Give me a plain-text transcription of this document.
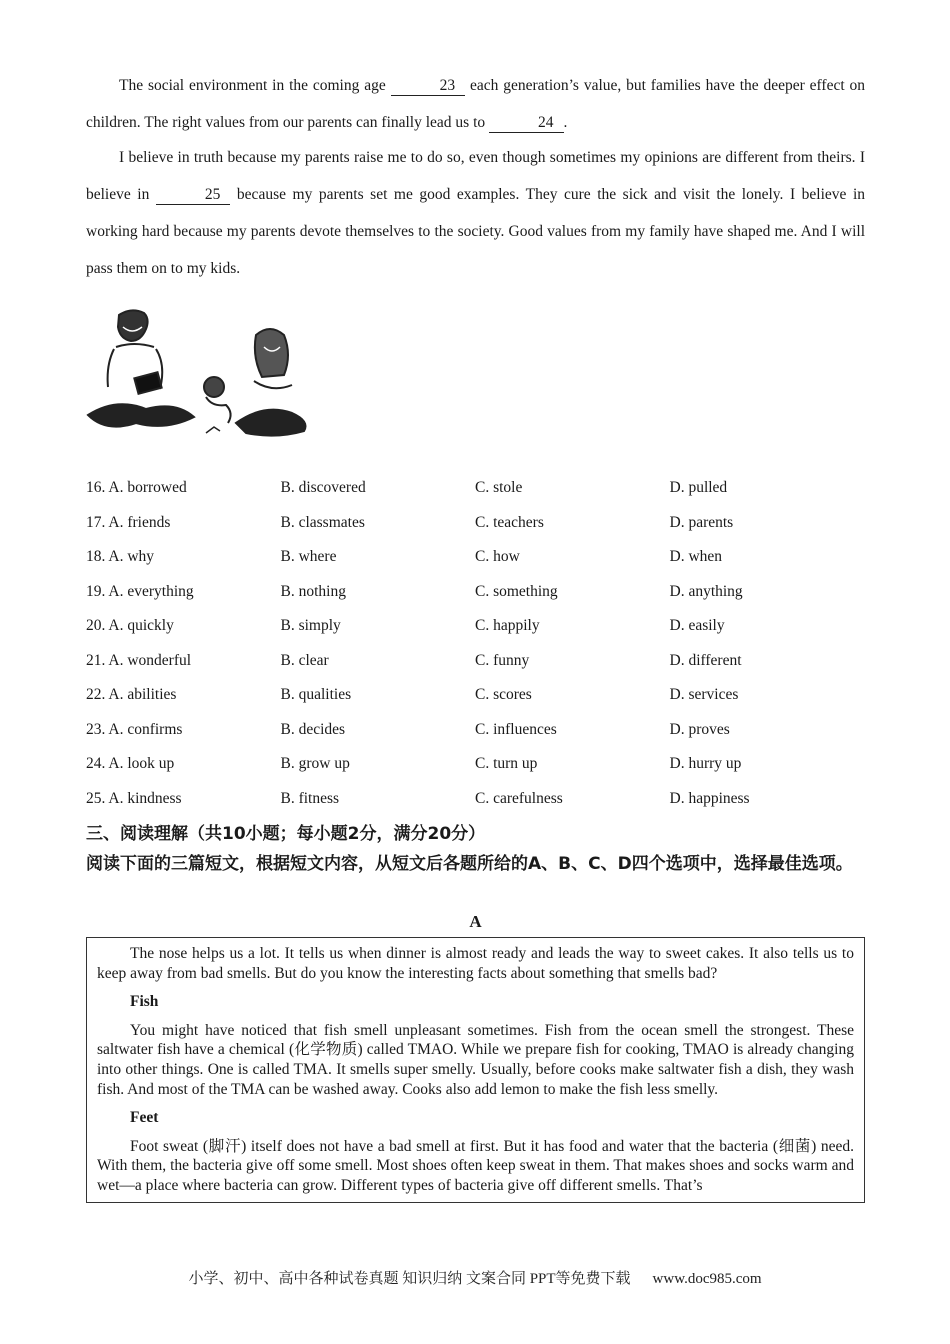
The social environment in the coming age	23 each generation’s value, but families have the deeper effect on children. The right values from our parents can finally lead us to	24 .

I believe in truth because my parents raise me to do so, even though sometimes my opinions are different from theirs. I believe in	25 because my parents set me good examples. They cure the sick and visit the lonely. I believe in working hard because my parents devote themselves to the society. Good values from my family have shaped me. And I will pass them on to my kids.

16. A. borrowed	B. discovered	C. stole	D. pulled
17. A. friends	B. classmates	C. teachers	D. parents
18. A. why	B. where	C. how	D. when
19. A. everything	B. nothing	C. something	D. anything
20. A. quickly	B. simply	C. happily	D. easily
21. A. wonderful	B. clear	C. funny	D. different
22. A. abilities	B. qualities	C. scores	D. services
23. A. confirms	B. decides	C. influences	D. proves
24. A. look up	B. grow up	C. turn up	D. hurry up
25. A. kindness	B. fitness	C. carefulness	D. happiness

三、阅读理解（共10小题；每小题2分，满分20分）

阅读下面的三篇短文，根据短文内容，从短文后各题所给的A、B、C、D四个选项中，选择最佳选项。

A

The nose helps us a lot. It tells us when dinner is almost ready and leads the way to sweet cakes. It also tells us to keep away from bad smells. But do you know the interesting facts about something that smells bad?

Fish

You might have noticed that fish smell unpleasant sometimes. Fish from the ocean smell the strongest. These saltwater fish have a chemical (化学物质) called TMAO. While we prepare fish for cooking, TMAO is already changing into other things. One is called TMA. It smells super smelly. Usually, before cooks make saltwater fish a dish, they wash fish. And most of the TMA can be washed away. Cooks also add lemon to make the fish less smelly.

Feet

Foot sweat (脚汗) itself does not have a bad smell at first. But it has food and water that the bacteria (细菌) need. With them, the bacteria give off some smell. Most shoes often keep sweat in them. That makes shoes and socks warm and wet—a place where bacteria can grow. Different types of bacteria give off different smells. That’s

小学、初中、高中各种试卷真题 知识归纳 文案合同 PPT等免费下载 www.doc985.com
